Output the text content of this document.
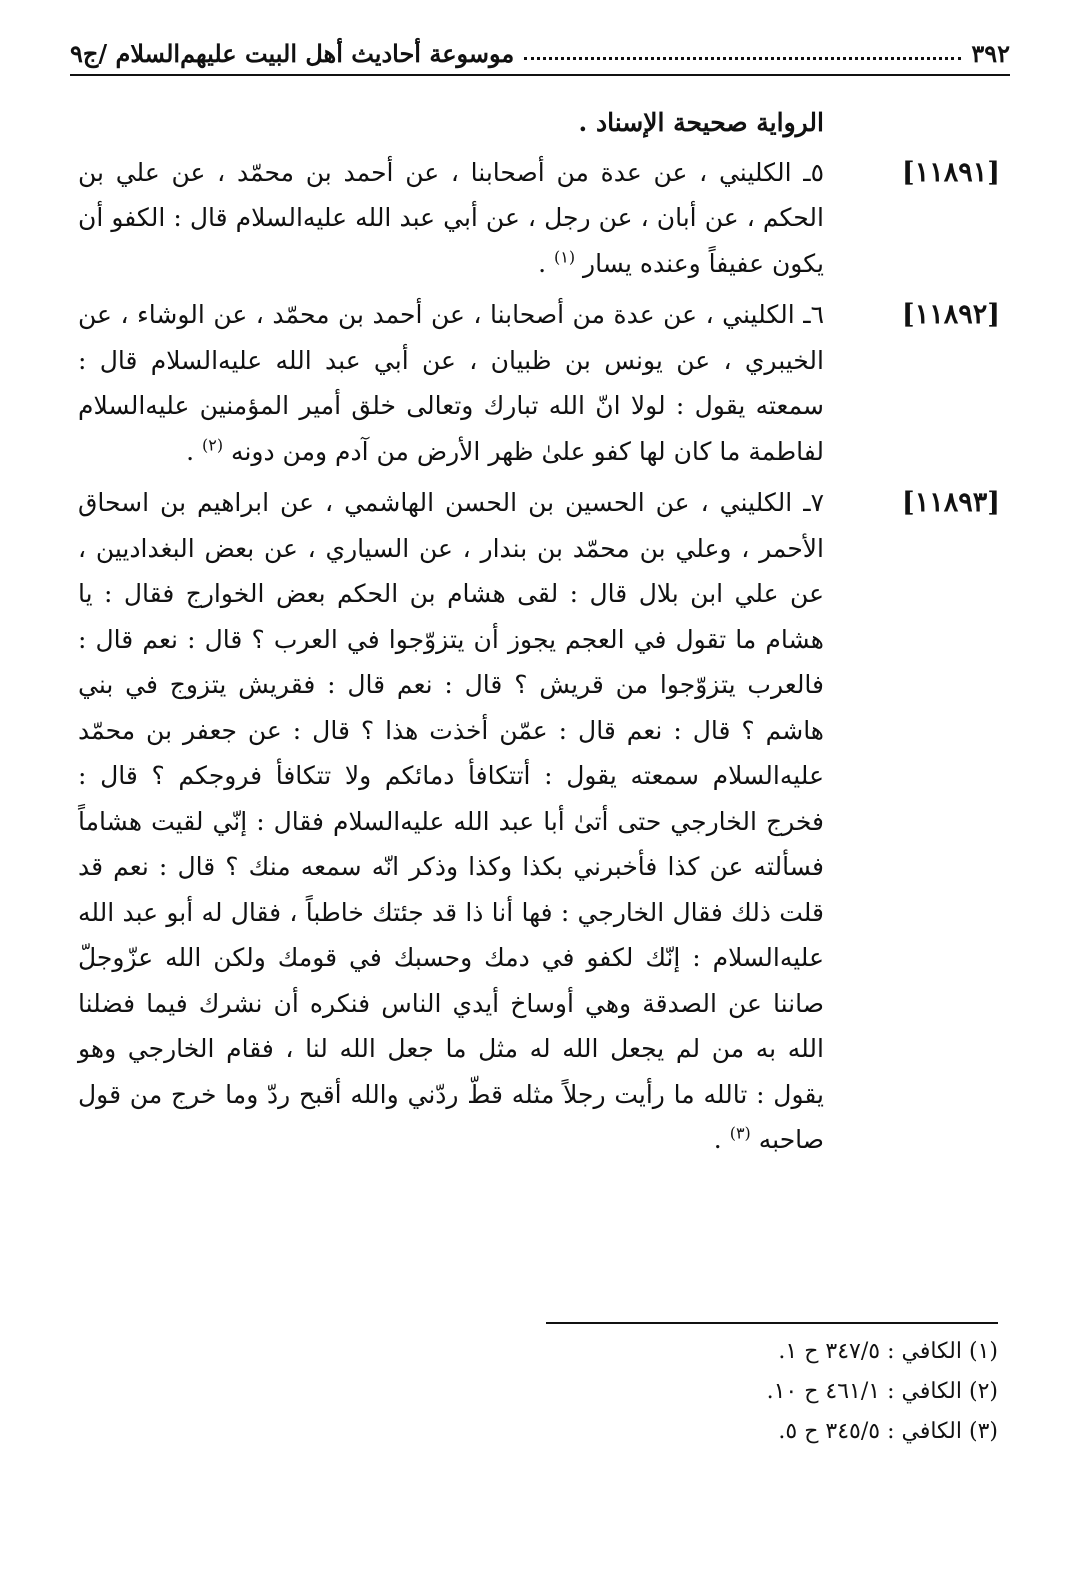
٣٩٢
موسوعة أحاديث أهل البيت عليهم‌السلام /ج٩

الرواية صحيحة الإسناد .

[١١٨٩١]
٥ـ الكليني ، عن عدة من أصحابنا ، عن أحمد بن محمّد ، عن علي بن الحكم ، عن أبان ، عن رجل ، عن أبي عبد الله عليه‌السلام قال : الكفو أن يكون عفيفاً وعنده يسار $^{(١)}$ .
[١١٨٩٢]
٦ـ الكليني ، عن عدة من أصحابنا ، عن أحمد بن محمّد ، عن الوشاء ، عن الخيبري ، عن يونس بن ظبيان ، عن أبي عبد الله عليه‌السلام قال : سمعته يقول : لولا انّ الله تبارك وتعالى خلق أمير المؤمنين عليه‌السلام لفاطمة ما كان لها كفو علىٰ ظهر الأرض من آدم ومن دونه $^{(٢)}$ .
[١١٨٩٣]
٧ـ الكليني ، عن الحسين بن الحسن الهاشمي ، عن ابراهيم بن اسحاق الأحمر ، وعلي بن محمّد بن بندار ، عن السياري ، عن بعض البغداديين ، عن علي ابن بلال قال : لقى هشام بن الحكم بعض الخوارج فقال : يا هشام ما تقول في العجم يجوز أن يتزوّجوا في العرب ؟ قال : نعم قال : فالعرب يتزوّجوا من قريش ؟ قال : نعم قال : فقريش يتزوج في بني هاشم ؟ قال : نعم قال : عمّن أخذت هذا ؟ قال : عن جعفر بن محمّد عليه‌السلام سمعته يقول : أتتكافأ دمائكم ولا تتكافأ فروجكم ؟ قال : فخرج الخارجي حتى أتىٰ أبا عبد الله عليه‌السلام فقال : إنّي لقيت هشاماً فسألته عن كذا فأخبرني بكذا وكذا وذكر انّه سمعه منك ؟ قال : نعم قد قلت ذلك فقال الخارجي : فها أنا ذا قد جئتك خاطباً ، فقال له أبو عبد الله عليه‌السلام : إنّك لكفو في دمك وحسبك في قومك ولكن الله عزّوجلّ صاننا عن الصدقة وهي أوساخ أيدي الناس فنكره أن نشرك فيما فضلنا الله به من لم يجعل الله له مثل ما جعل الله لنا ، فقام الخارجي وهو يقول : تالله ما رأيت رجلاً مثله قطّ ردّني والله أقبح ردّ وما خرج من قول صاحبه $^{(٣)}$ .
(١) الكافي : ٣٤٧/٥ ح ١.
(٢) الكافي : ٤٦١/١ ح ١٠.
(٣) الكافي : ٣٤٥/٥ ح ٥.
